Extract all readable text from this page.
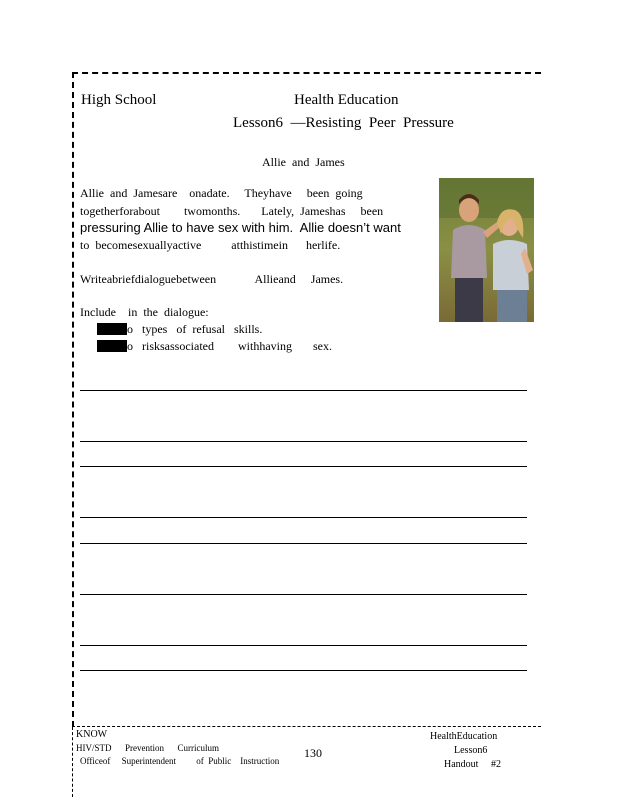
High School	Health Education
Lesson6  —Resisting  Peer  Pressure
Allie  and  James
Allie  and  Jamesare    onadate.     Theyhave     been  going
togetherforabout        twomonths.       Lately,  Jameshas     been
pressuring Allie to have sex with him.  Allie doesn’t want
to  becomesexuallyactive          atthistimein      herlife.
Writeabriefdialoguebetween             Allieand     James.
Include    in  the  dialogue:
o   types   of  refusal   skills.
o   risksassociated        withhaving       sex.
KNOW
HIV/STD      Prevention      Curriculum
Officeof     Superintendent         of  Public    Instruction
130
HealthEducation
Lesson6
Handout     #2
